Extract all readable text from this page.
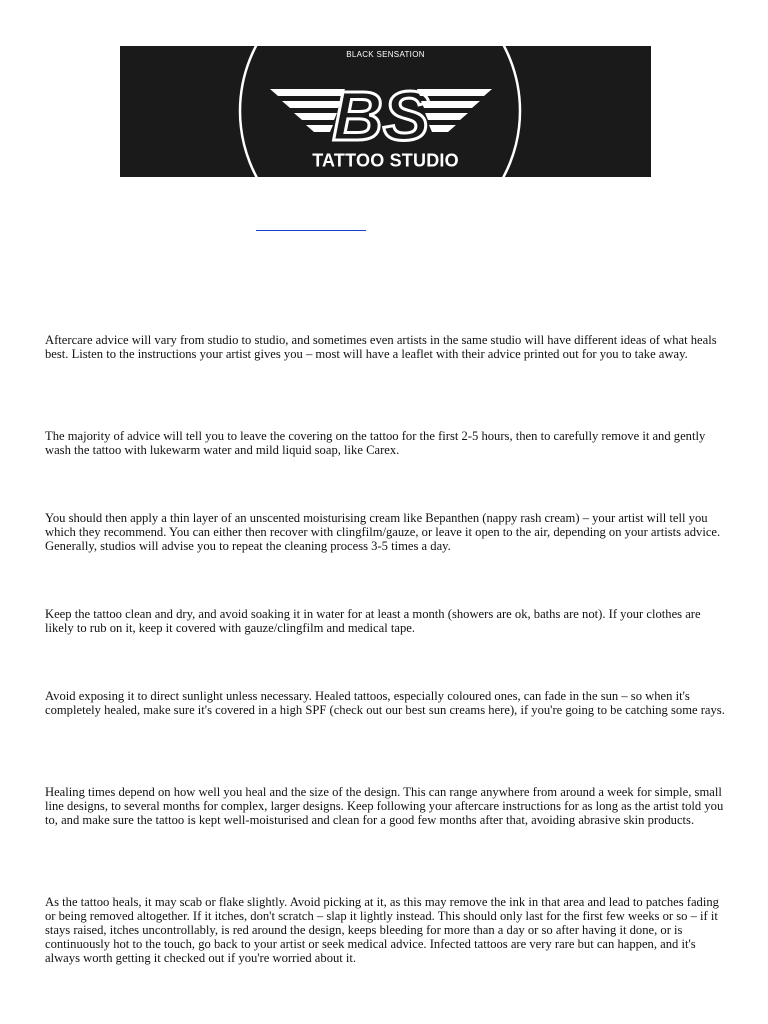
BS
BLACK SENSATION
TATTOO STUDIO

Aftercare advice will vary from studio to studio, and sometimes even artists in the same studio will have different ideas of what heals best. Listen to the instructions your artist gives you – most will have a leaflet with their advice printed out for you to take away.

The majority of advice will tell you to leave the covering on the tattoo for the first 2-5 hours, then to carefully remove it and gently wash the tattoo with lukewarm water and mild liquid soap, like Carex.

You should then apply a thin layer of an unscented moisturising cream like Bepanthen (nappy rash cream) – your artist will tell you which they recommend. You can either then recover with clingfilm/gauze, or leave it open to the air, depending on your artists advice. Generally, studios will advise you to repeat the cleaning process 3-5 times a day.

Keep the tattoo clean and dry, and avoid soaking it in water for at least a month (showers are ok, baths are not). If your clothes are likely to rub on it, keep it covered with gauze/clingfilm and medical tape.

Avoid exposing it to direct sunlight unless necessary. Healed tattoos, especially coloured ones, can fade in the sun – so when it's completely healed, make sure it's covered in a high SPF (check out our best sun creams here), if you're going to be catching some rays.

Healing times depend on how well you heal and the size of the design. This can range anywhere from around a week for simple, small line designs, to several months for complex, larger designs. Keep following your aftercare instructions for as long as the artist told you to, and make sure the tattoo is kept well-moisturised and clean for a good few months after that, avoiding abrasive skin products.

As the tattoo heals, it may scab or flake slightly. Avoid picking at it, as this may remove the ink in that area and lead to patches fading or being removed altogether. If it itches, don't scratch – slap it lightly instead. This should only last for the first few weeks or so – if it stays raised, itches uncontrollably, is red around the design, keeps bleeding for more than a day or so after having it done, or is continuously hot to the touch, go back to your artist or seek medical advice. Infected tattoos are very rare but can happen, and it's always worth getting it checked out if you're worried about it.
